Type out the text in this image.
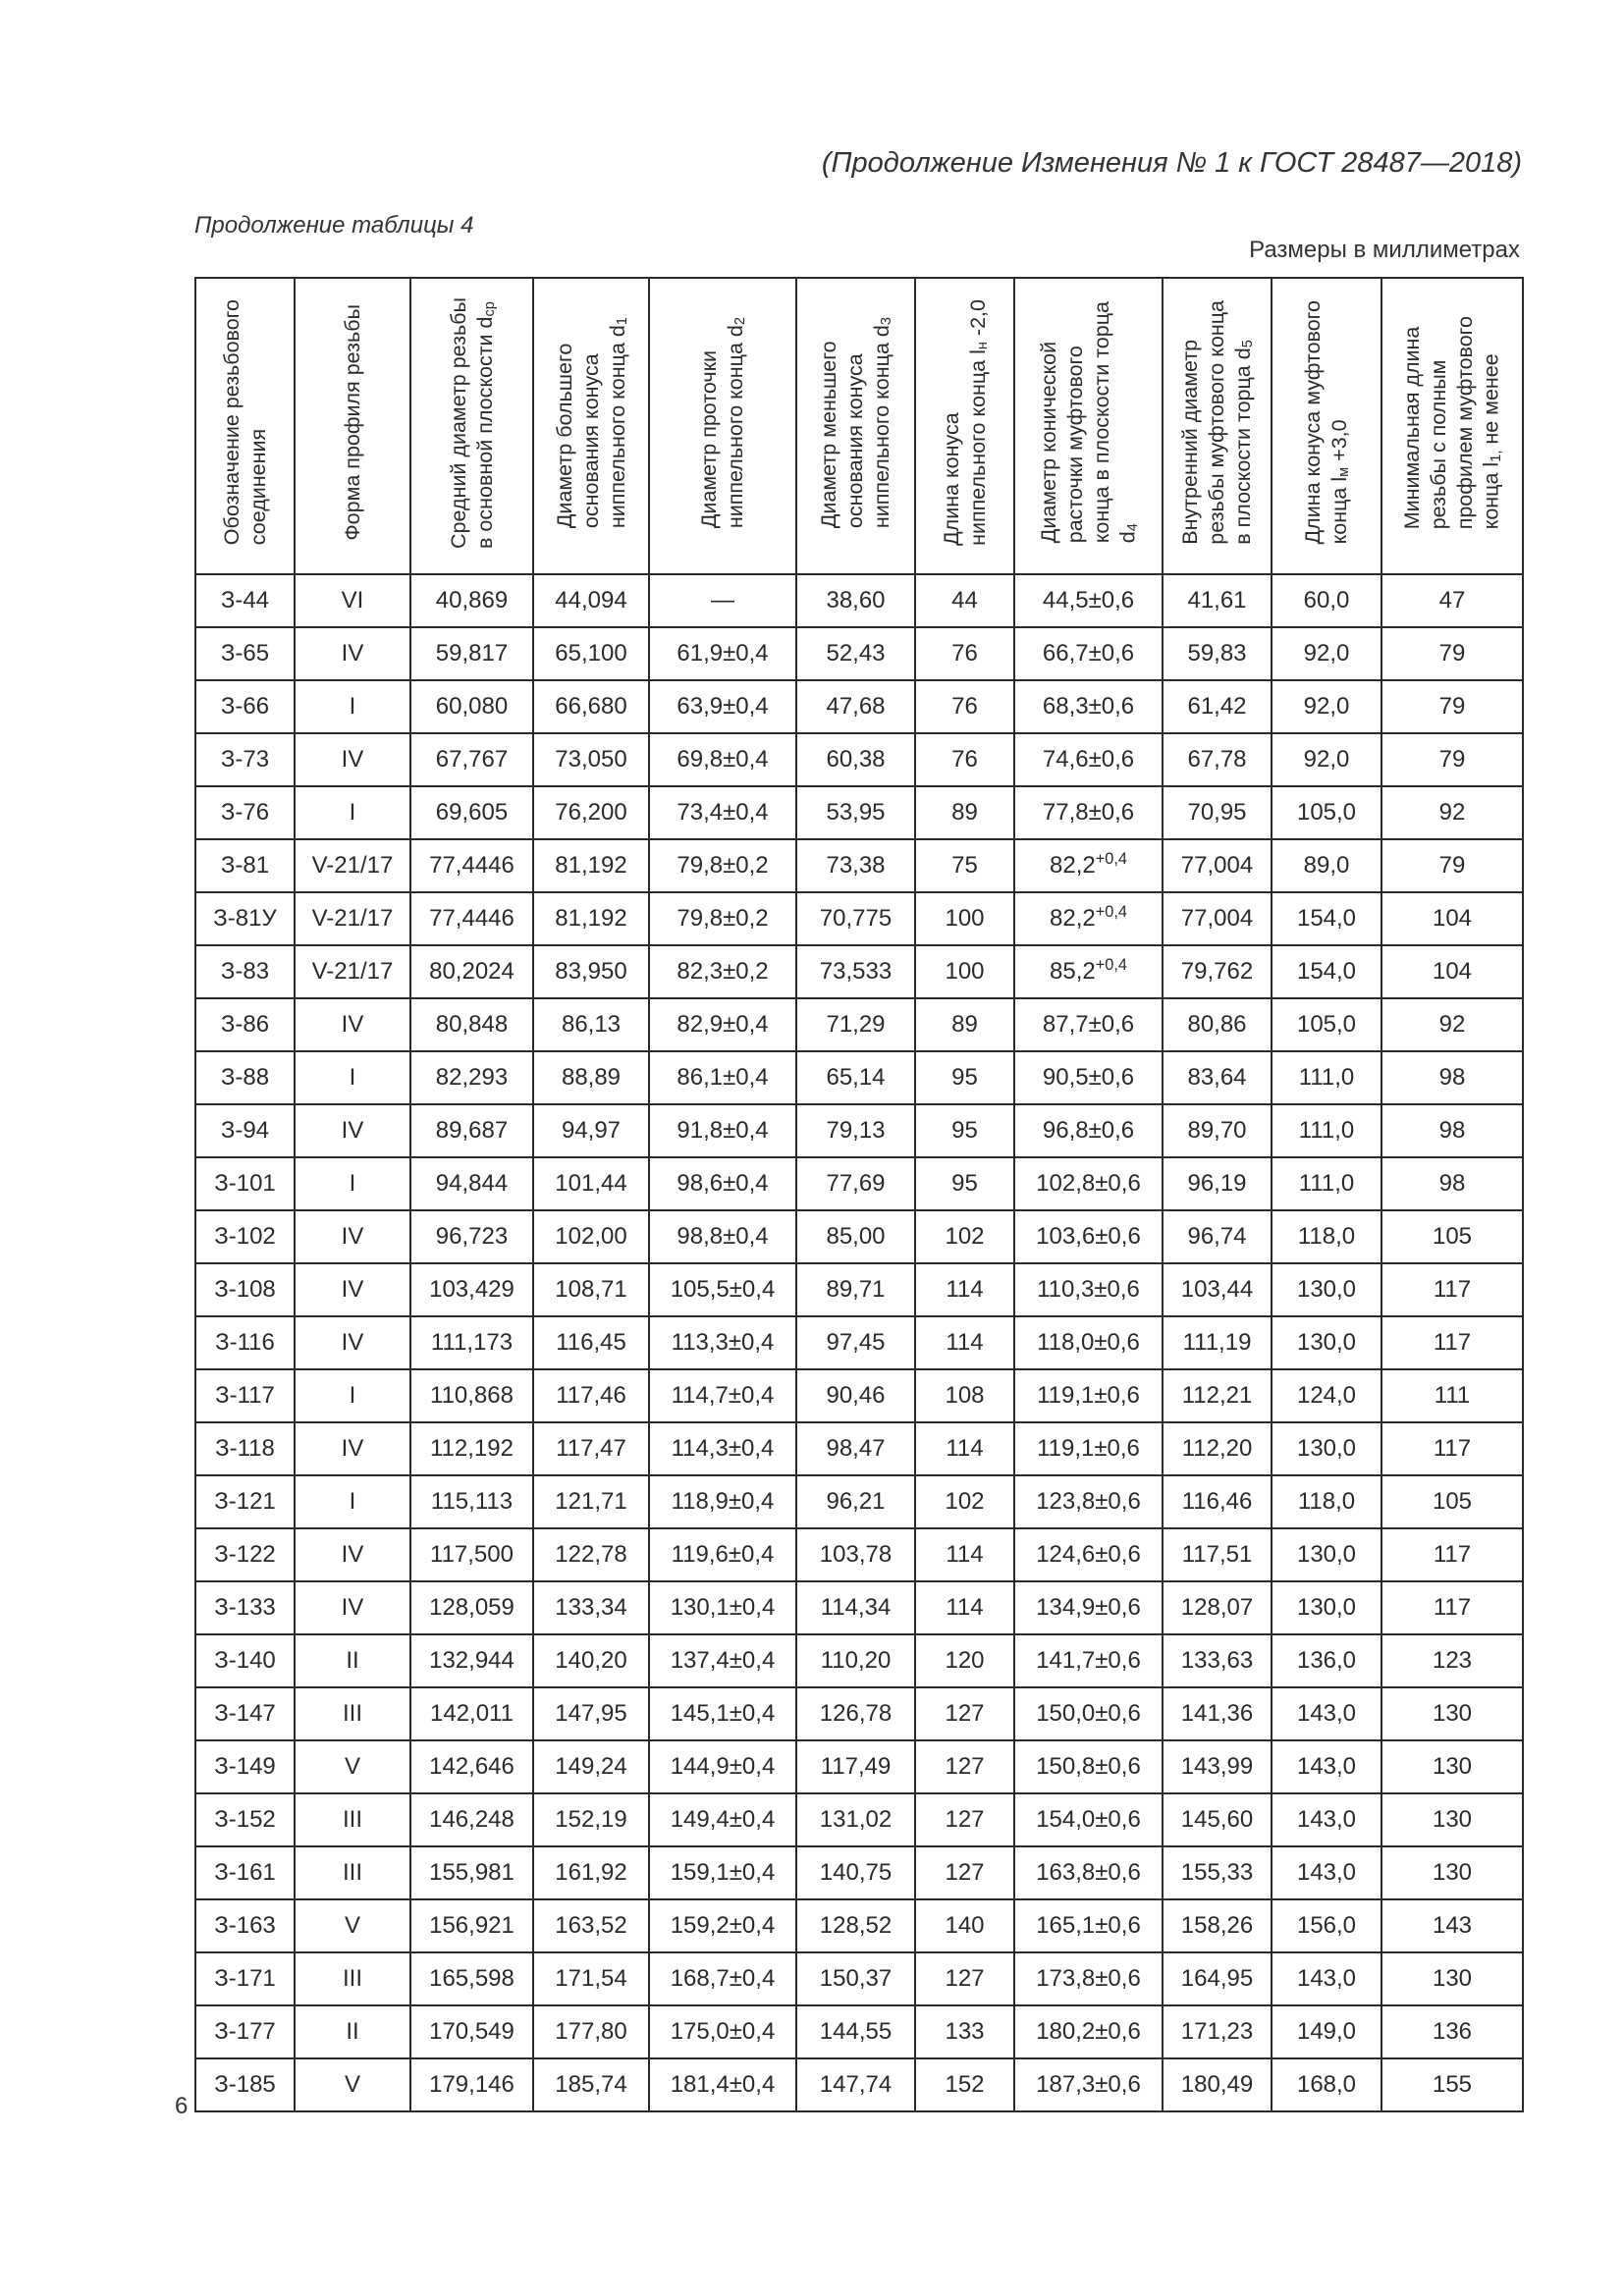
(Продолжение Изменения № 1 к ГОСТ 28487—2018)
Продолжение таблицы 4
Размеры в миллиметрах
Обозначение резьбового
соединения	Форма профиля резьбы	Средний диаметр резьбы
в основной плоскости $d_{ср}$	Диаметр большего
основания конуса
ниппельного конца $d_1$	Диаметр проточки
ниппельного конца $d_2$	Диаметр меньшего
основания конуса
ниппельного конца $d_3$	Длина конуса
ниппельного конца $l_н$ -2,0	Диаметр конической
расточки муфтового
конца в плоскости торца
$d_4$	Внутренний диаметр
резьбы муфтового конца
в плоскости торца $d_5$	Длина конуса муфтового
конца $l_м +3,0$	Минимальная длина
резьбы с полным
профилем муфтового
конца $l_{1,}$ не менее
З-44	VI	40,869	44,094	—	38,60	44	44,5±0,6	41,61	60,0	47
З-65	IV	59,817	65,100	61,9±0,4	52,43	76	66,7±0,6	59,83	92,0	79
З-66	I	60,080	66,680	63,9±0,4	47,68	76	68,3±0,6	61,42	92,0	79
З-73	IV	67,767	73,050	69,8±0,4	60,38	76	74,6±0,6	67,78	92,0	79
З-76	I	69,605	76,200	73,4±0,4	53,95	89	77,8±0,6	70,95	105,0	92
З-81	V-21/17	77,4446	81,192	79,8±0,2	73,38	75	$82,2^{+0,4}$	77,004	89,0	79
З-81У	V-21/17	77,4446	81,192	79,8±0,2	70,775	100	$82,2^{+0,4}$	77,004	154,0	104
З-83	V-21/17	80,2024	83,950	82,3±0,2	73,533	100	$85,2^{+0,4}$	79,762	154,0	104
З-86	IV	80,848	86,13	82,9±0,4	71,29	89	87,7±0,6	80,86	105,0	92
З-88	I	82,293	88,89	86,1±0,4	65,14	95	90,5±0,6	83,64	111,0	98
З-94	IV	89,687	94,97	91,8±0,4	79,13	95	96,8±0,6	89,70	111,0	98
З-101	I	94,844	101,44	98,6±0,4	77,69	95	102,8±0,6	96,19	111,0	98
З-102	IV	96,723	102,00	98,8±0,4	85,00	102	103,6±0,6	96,74	118,0	105
З-108	IV	103,429	108,71	105,5±0,4	89,71	114	110,3±0,6	103,44	130,0	117
З-116	IV	111,173	116,45	113,3±0,4	97,45	114	118,0±0,6	111,19	130,0	117
З-117	I	110,868	117,46	114,7±0,4	90,46	108	119,1±0,6	112,21	124,0	111
З-118	IV	112,192	117,47	114,3±0,4	98,47	114	119,1±0,6	112,20	130,0	117
З-121	I	115,113	121,71	118,9±0,4	96,21	102	123,8±0,6	116,46	118,0	105
З-122	IV	117,500	122,78	119,6±0,4	103,78	114	124,6±0,6	117,51	130,0	117
З-133	IV	128,059	133,34	130,1±0,4	114,34	114	134,9±0,6	128,07	130,0	117
З-140	II	132,944	140,20	137,4±0,4	110,20	120	141,7±0,6	133,63	136,0	123
З-147	III	142,011	147,95	145,1±0,4	126,78	127	150,0±0,6	141,36	143,0	130
З-149	V	142,646	149,24	144,9±0,4	117,49	127	150,8±0,6	143,99	143,0	130
З-152	III	146,248	152,19	149,4±0,4	131,02	127	154,0±0,6	145,60	143,0	130
З-161	III	155,981	161,92	159,1±0,4	140,75	127	163,8±0,6	155,33	143,0	130
З-163	V	156,921	163,52	159,2±0,4	128,52	140	165,1±0,6	158,26	156,0	143
З-171	III	165,598	171,54	168,7±0,4	150,37	127	173,8±0,6	164,95	143,0	130
З-177	II	170,549	177,80	175,0±0,4	144,55	133	180,2±0,6	171,23	149,0	136
З-185	V	179,146	185,74	181,4±0,4	147,74	152	187,3±0,6	180,49	168,0	155
6
